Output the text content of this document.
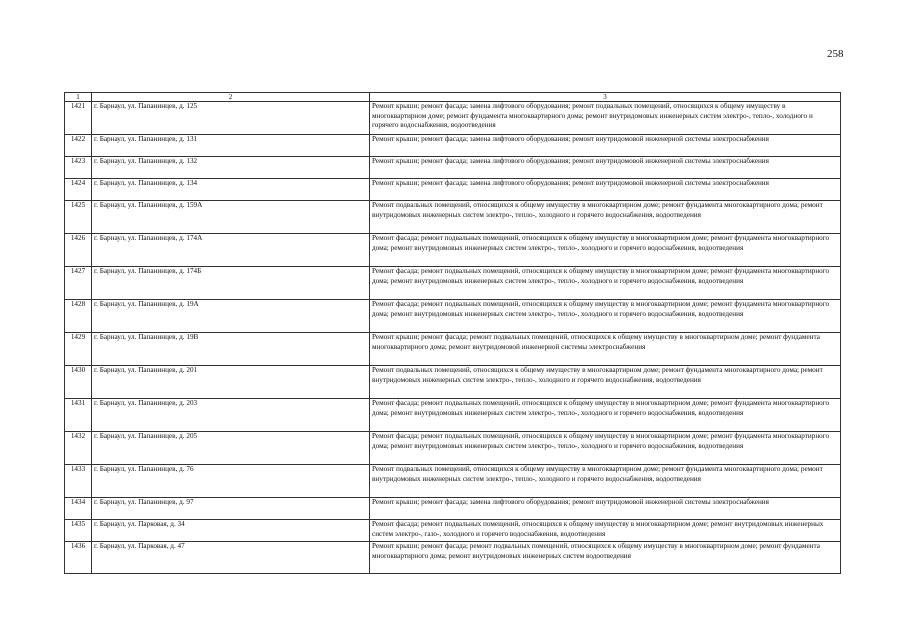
258
1	2	3
1421	г. Барнаул, ул. Папанинцев, д. 125	Ремонт крыши; ремонт фасада; замена лифтового оборудования; ремонт подвальных помещений, относящихся к общему имуществу в многоквартирном доме; ремонт фундамента многоквартирного дома; ремонт внутридомовых инженерных систем электро-, тепло-, холодного и горячего водоснабжения, водоотведения
1422	г. Барнаул, ул. Папанинцев, д. 131	Ремонт крыши; ремонт фасада; замена лифтового оборудования; ремонт внутридомовой инженерной системы электроснабжения
1423	г. Барнаул, ул. Папанинцев, д. 132	Ремонт крыши; ремонт фасада; замена лифтового оборудования; ремонт внутридомовой инженерной системы электроснабжения
1424	г. Барнаул, ул. Папанинцев, д. 134	Ремонт крыши; ремонт фасада; замена лифтового оборудования; ремонт внутридомовой инженерной системы электроснабжения
1425	г. Барнаул, ул. Папанинцев, д. 159А	Ремонт подвальных помещений, относящихся к общему имуществу в многоквартирном доме; ремонт фундамента многоквартирного дома; ремонт внутридомовых инженерных систем электро-, тепло-, холодного и горячего водоснабжения, водоотведения
1426	г. Барнаул, ул. Папанинцев, д. 174А	Ремонт фасада; ремонт подвальных помещений, относящихся к общему имуществу в многоквартирном доме; ремонт фундамента многоквартирного дома; ремонт внутридомовых инженерных систем электро-, тепло-, холодного и горячего водоснабжения, водоотведения
1427	г. Барнаул, ул. Папанинцев, д. 174Б	Ремонт фасада; ремонт подвальных помещений, относящихся к общему имуществу в многоквартирном доме; ремонт фундамента многоквартирного дома; ремонт внутридомовых инженерных систем электро-, тепло-, холодного и горячего водоснабжения, водоотведения
1428	г. Барнаул, ул. Папанинцев, д. 19А	Ремонт фасада; ремонт подвальных помещений, относящихся к общему имуществу в многоквартирном доме; ремонт фундамента многоквартирного дома; ремонт внутридомовых инженерных систем электро-, тепло-, холодного и горячего водоснабжения, водоотведения
1429	г. Барнаул, ул. Папанинцев, д. 19В	Ремонт крыши; ремонт фасада; ремонт подвальных помещений, относящихся к общему имуществу в многоквартирном доме; ремонт фундамента многоквартирного дома; ремонт внутридомовой инженерной системы электроснабжения
1430	г. Барнаул, ул. Папанинцев, д. 201	Ремонт подвальных помещений, относящихся к общему имуществу в многоквартирном доме; ремонт фундамента многоквартирного дома; ремонт внутридомовых инженерных систем электро-, тепло-, холодного и горячего водоснабжения, водоотведения
1431	г. Барнаул, ул. Папанинцев, д. 203	Ремонт фасада; ремонт подвальных помещений, относящихся к общему имуществу в многоквартирном доме; ремонт фундамента многоквартирного дома; ремонт внутридомовых инженерных систем электро-, тепло-, холодного и горячего водоснабжения, водоотведения
1432	г. Барнаул, ул. Папанинцев, д. 205	Ремонт фасада; ремонт подвальных помещений, относящихся к общему имуществу в многоквартирном доме; ремонт фундамента многоквартирного дома; ремонт внутридомовых инженерных систем электро-, тепло-, холодного и горячего водоснабжения, водоотведения
1433	г. Барнаул, ул. Папанинцев, д. 76	Ремонт подвальных помещений, относящихся к общему имуществу в многоквартирном доме; ремонт фундамента многоквартирного дома; ремонт внутридомовых инженерных систем электро-, тепло-, холодного и горячего водоснабжения, водоотведения
1434	г. Барнаул, ул. Папанинцев, д. 97	Ремонт крыши; ремонт фасада; замена лифтового оборудования; ремонт внутридомовой инженерной системы электроснабжения
1435	г. Барнаул, ул. Парковая, д. 34	Ремонт фасада; ремонт подвальных помещений, относящихся к общему имуществу в многоквартирном доме; ремонт внутридомовых инженерных систем электро-, газо-, холодного и горячего водоснабжения, водоотведения
1436	г. Барнаул, ул. Парковая, д. 47	Ремонт крыши; ремонт фасада; ремонт подвальных помещений, относящихся к общему имуществу в многоквартирном доме; ремонт фундамента многоквартирного дома; ремонт внутридомовых инженерных систем водоотведения
